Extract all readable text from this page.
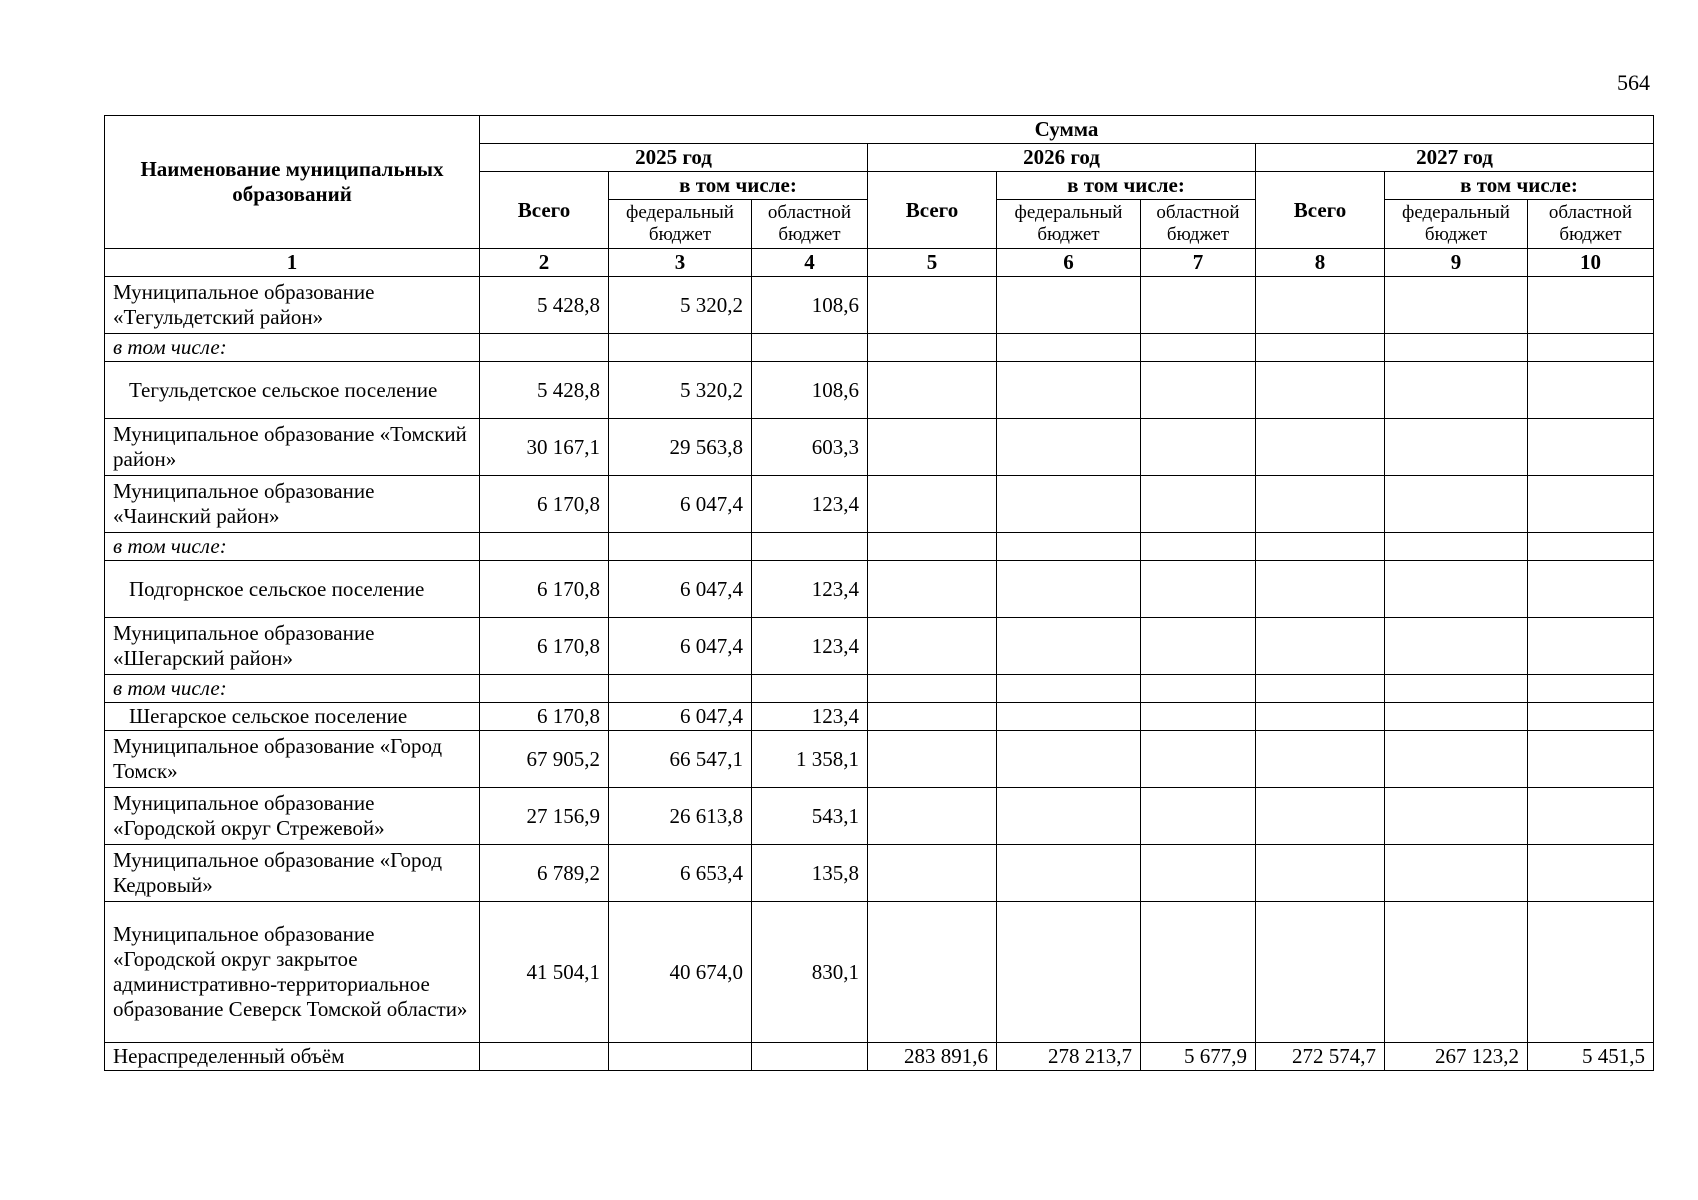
564
Наименование муниципальных образований	Сумма								
	2025 год			2026 год			2027 год		
	Всего	в том числе:		Всего	в том числе:		Всего	в том числе:	
		федеральный бюджет	областной бюджет		федеральный бюджет	областной бюджет		федеральный бюджет	областной бюджет
1	2	3	4	5	6	7	8	9	10
Муниципальное образование «Тегульдетский район»	5 428,8	5 320,2	108,6						
в том числе:									
Тегульдетское сельское поселение	5 428,8	5 320,2	108,6						
Муниципальное образование «Томский район»	30 167,1	29 563,8	603,3						
Муниципальное образование «Чаинский район»	6 170,8	6 047,4	123,4						
в том числе:									
Подгорнское сельское поселение	6 170,8	6 047,4	123,4						
Муниципальное образование «Шегарский район»	6 170,8	6 047,4	123,4						
в том числе:									
Шегарское сельское поселение	6 170,8	6 047,4	123,4						
Муниципальное образование «Город Томск»	67 905,2	66 547,1	1 358,1						
Муниципальное образование «Городской округ Стрежевой»	27 156,9	26 613,8	543,1						
Муниципальное образование «Город Кедровый»	6 789,2	6 653,4	135,8						
Муниципальное образование «Городской округ закрытое административно-территориальное образование Северск Томской области»	41 504,1	40 674,0	830,1						
Нераспределенный объём				283 891,6	278 213,7	5 677,9	272 574,7	267 123,2	5 451,5
